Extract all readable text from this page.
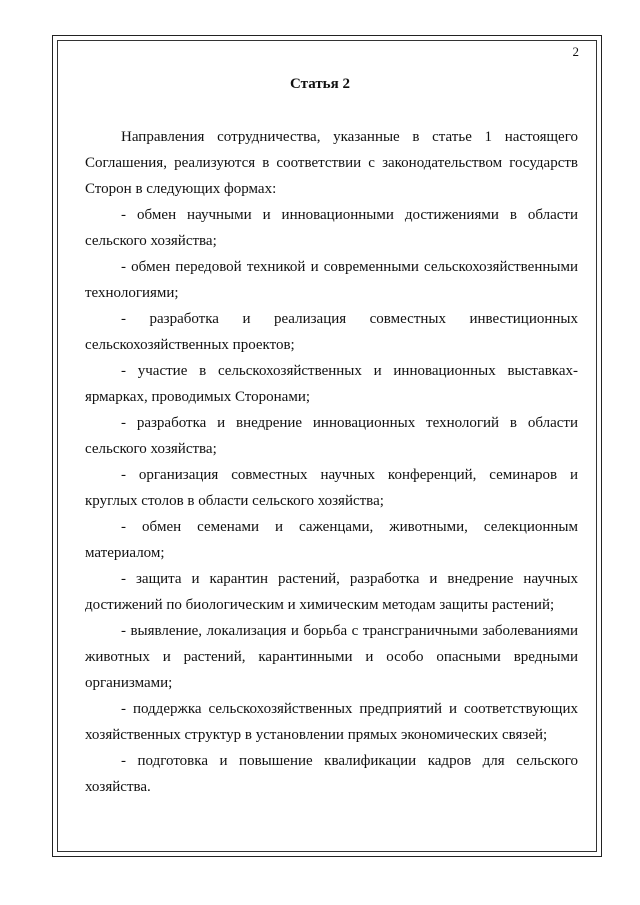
2
Статья 2

Направления сотрудничества, указанные в статье 1 настоящего Соглашения, реализуются в соответствии с законодательством государств Сторон в следующих формах:

- обмен научными и инновационными достижениями в области сельского хозяйства;

- обмен передовой техникой и современными сельскохозяйственными технологиями;

- разработка и реализация совместных инвестиционных сельскохозяйственных проектов;

- участие в сельскохозяйственных и инновационных выставках-ярмарках, проводимых Сторонами;

- разработка и внедрение инновационных технологий в области сельского хозяйства;

- организация совместных научных конференций, семинаров и круглых столов в области сельского хозяйства;

- обмен семенами и саженцами, животными, селекционным материалом;

- защита и карантин растений, разработка и внедрение научных достижений по биологическим и химическим методам защиты растений;

- выявление, локализация и борьба с трансграничными заболеваниями животных и растений, карантинными и особо опасными вредными организмами;

- поддержка сельскохозяйственных предприятий и соответствующих хозяйственных структур в установлении прямых экономических связей;

- подготовка и повышение квалификации кадров для сельского хозяйства.
